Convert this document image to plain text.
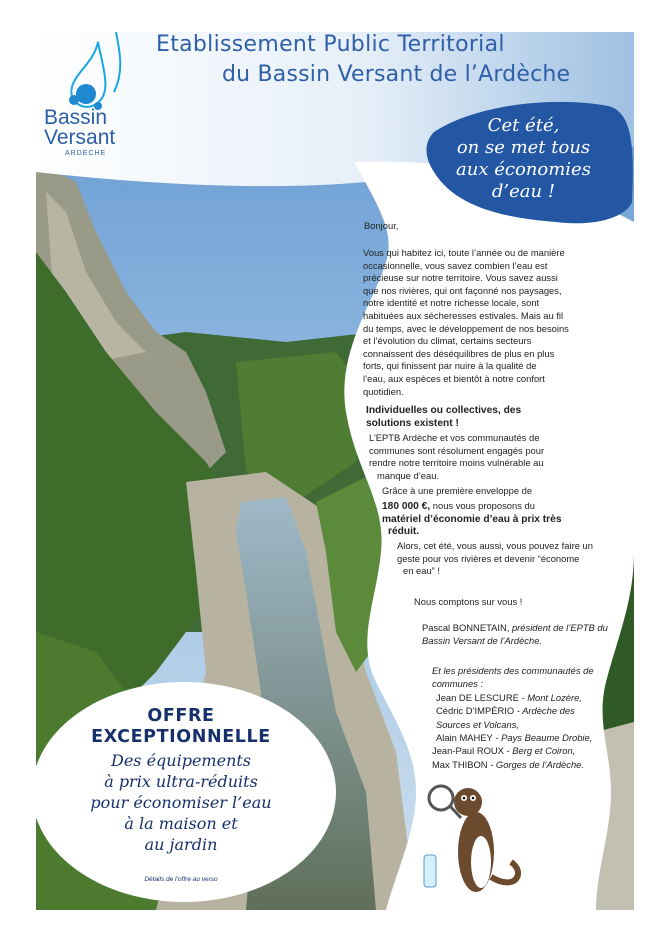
Etablissement Public Territorial
du Bassin Versant de l’Ardèche
Bassin
Versant
ARDECHE
Cet été,
on se met tous
aux économies
d’eau !
Bonjour,

Vous qui habitez ici, toute l’année ou de manière

occasionnelle, vous savez combien l’eau est

précieuse sur notre territoire. Vous savez aussi

que nos rivières, qui ont façonné nos paysages,

notre identité et notre richesse locale, sont

habituées aux sécheresses estivales. Mais au fil

du temps, avec le développement de nos besoins

et l’évolution du climat, certains secteurs

connaissent des déséquilibres de plus en plus

forts, qui finissent par nuire à la qualité de

l’eau, aux espèces et bientôt à notre confort

quotidien.

Individuelles ou collectives, des

solutions existent !

L’EPTB Ardèche et vos communautés de

communes sont résolument engagés pour

rendre notre territoire moins vulnérable au

manque d’eau.

Grâce à une première enveloppe de

180 000 €, nous vous proposons du

matériel d’économie d’eau à prix très

réduit.

Alors, cet été, vous aussi, vous pouvez faire un

geste pour vos rivières et devenir “économe

en eau” !

Nous comptons sur vous !

Pascal BONNETAIN, président de l’EPTB du

Bassin Versant de l’Ardèche.

Et les présidents des communautés de

communes :

Jean DE LESCURE - Mont Lozère,

Cédric D’IMPÉRIO - Ardèche des

Sources et Volcans,

Alain MAHEY - Pays Beaume Drobie,

Jean-Paul ROUX - Berg et Coiron,

Max THIBON - Gorges de l’Ardèche.

OFFRE
EXCEPTIONNELLE
Des équipements
à prix ultra-réduits
pour économiser l’eau
à la maison et
au jardin
Détails de l’offre au verso
